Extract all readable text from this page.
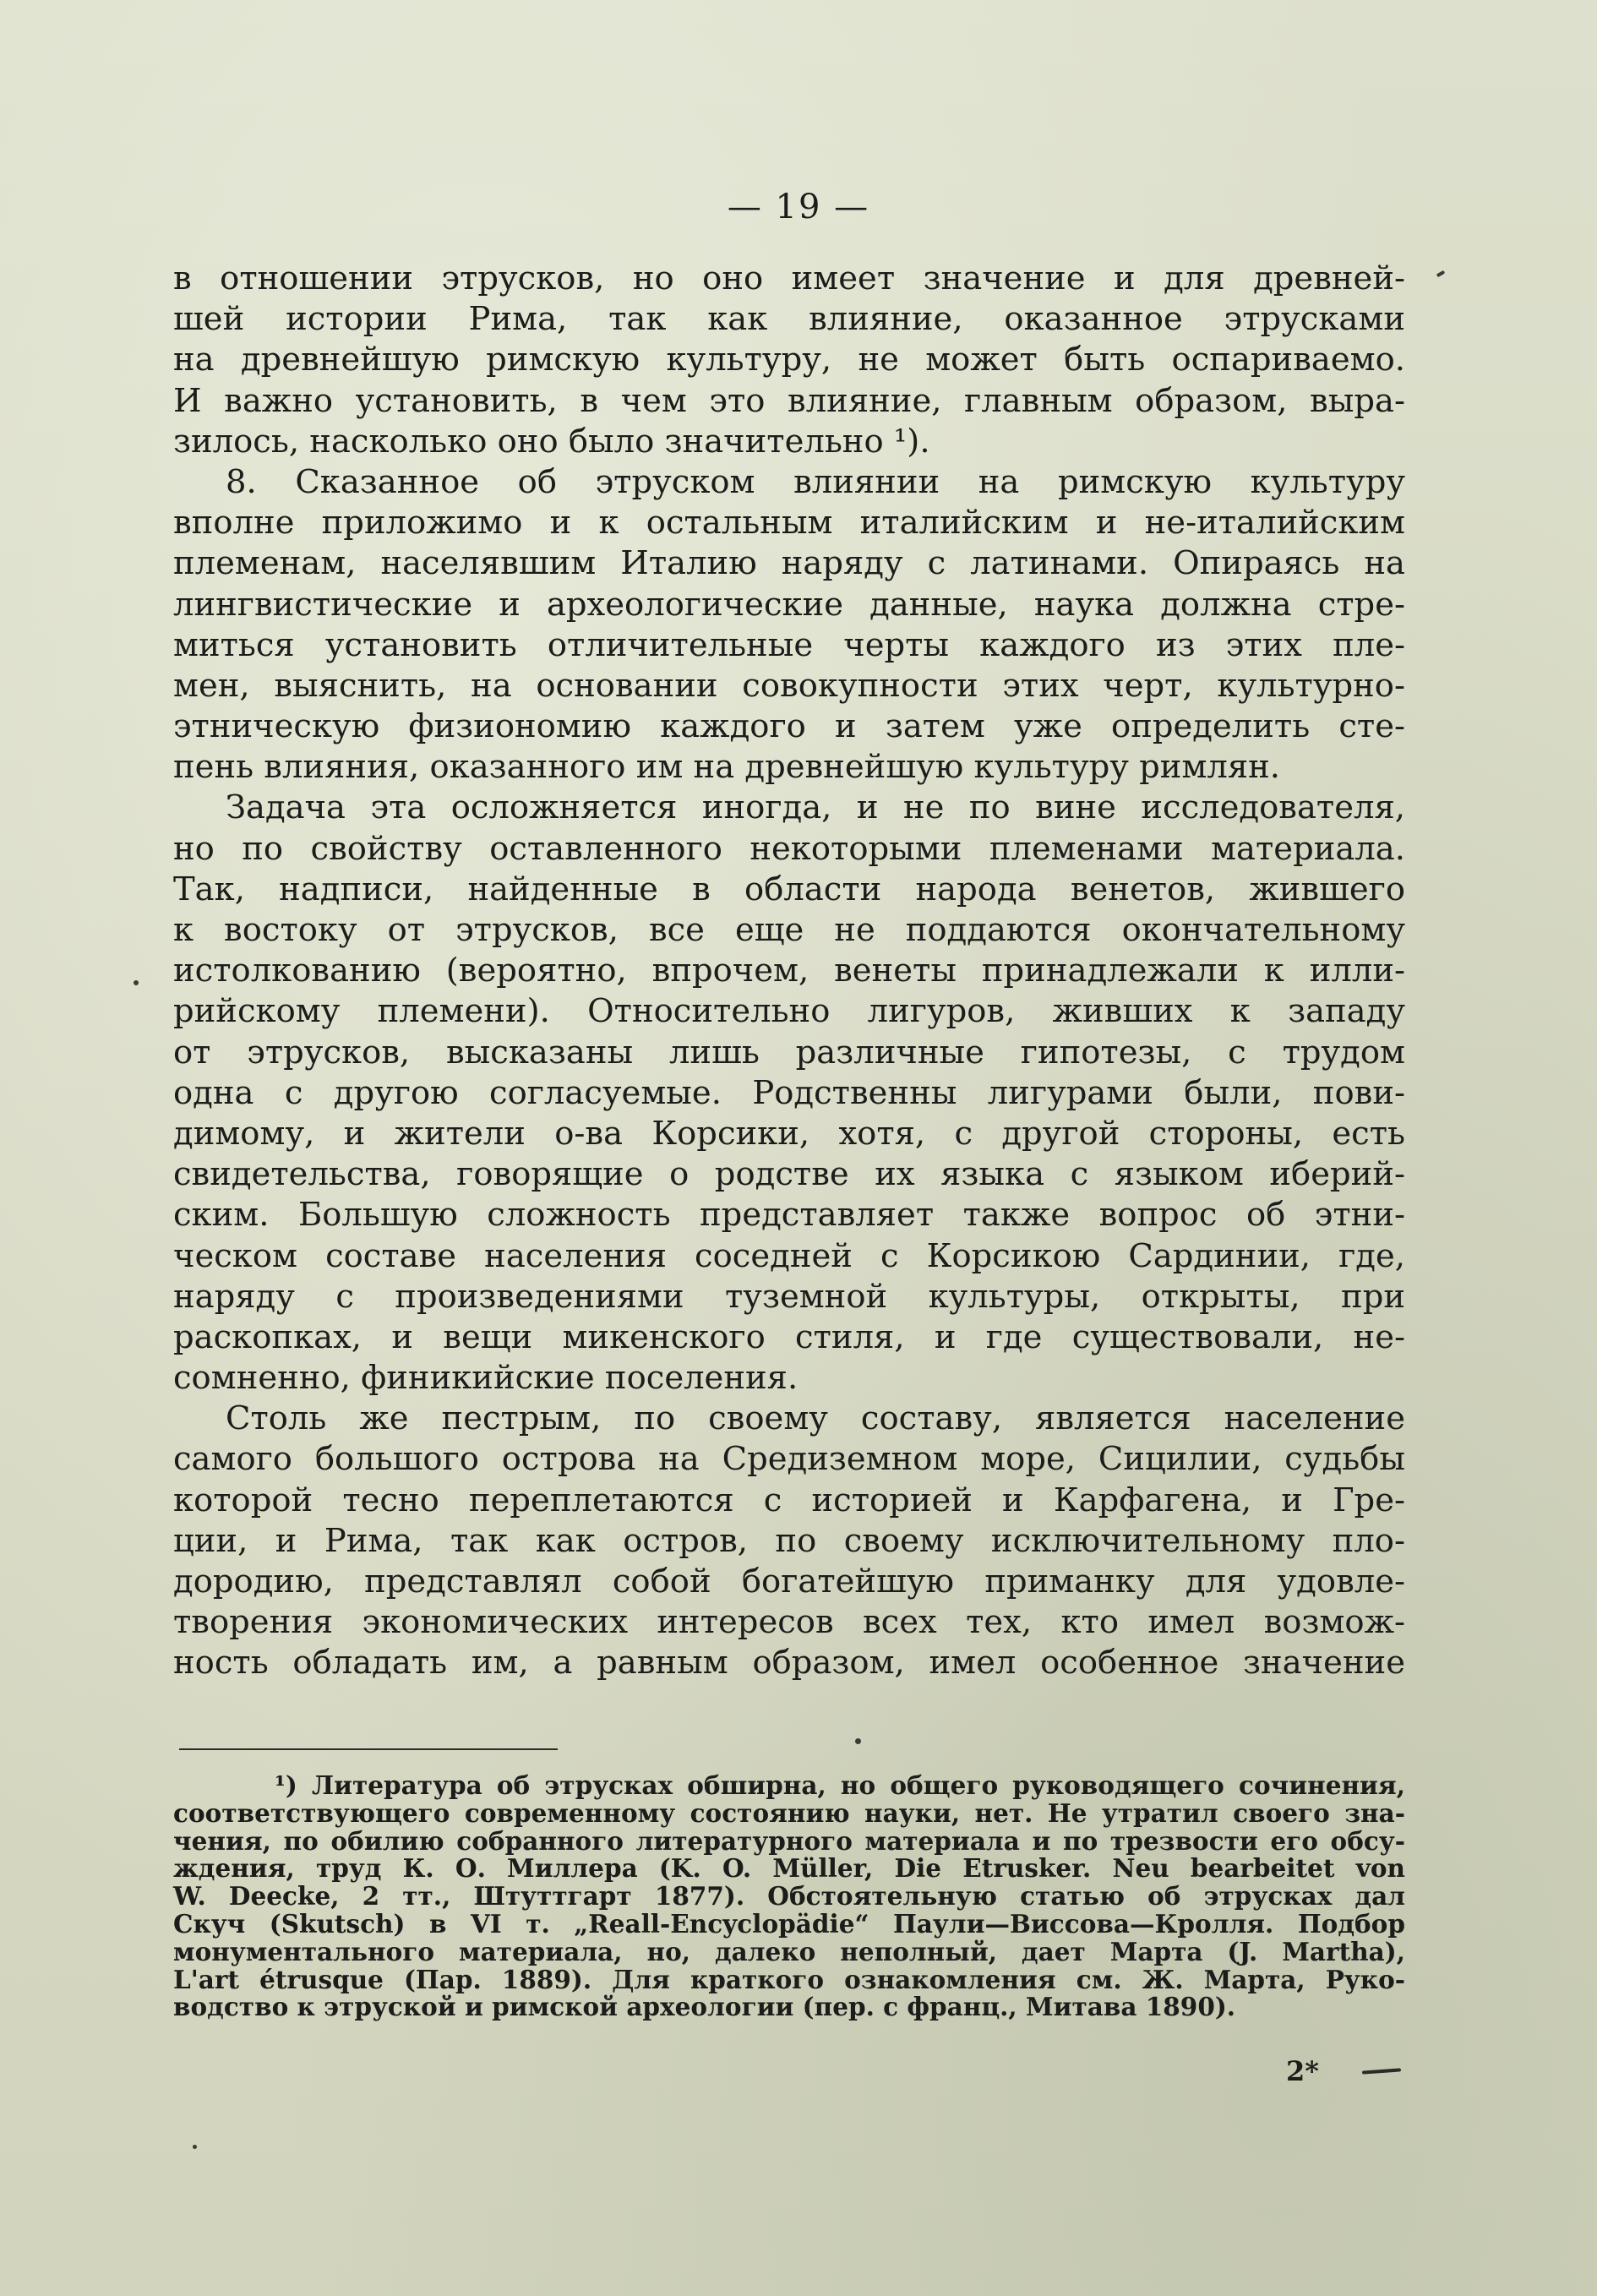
— 19 —
в отношении этрусков, но оно имеет значение и для древней-
шей истории Рима, так как влияние, оказанное этрусками
на древнейшую римскую культуру, не может быть оспариваемо.
И важно установить, в чем это влияние, главным образом, выра-
зилось, насколько оно было значительно ¹).
8. Сказанное об этруском влиянии на римскую культуру
вполне приложимо и к остальным италийским и не-италийским
племенам, населявшим Италию наряду с латинами. Опираясь на
лингвистические и археологические данные, наука должна стре-
миться установить отличительные черты каждого из этих пле-
мен, выяснить, на основании совокупности этих черт, культурно-
этническую физиономию каждого и затем уже определить сте-
пень влияния, оказанного им на древнейшую культуру римлян.
Задача эта осложняется иногда, и не по вине исследователя,
но по свойству оставленного некоторыми племенами материала.
Так, надписи, найденные в области народа венетов, жившего
к востоку от этрусков, все еще не поддаются окончательному
истолкованию (вероятно, впрочем, венеты принадлежали к илли-
рийскому племени). Относительно лигуров, живших к западу
от этрусков, высказаны лишь различные гипотезы, с трудом
одна с другою согласуемые. Родственны лигурами были, пови-
димому, и жители о-ва Корсики, хотя, с другой стороны, есть
свидетельства, говорящие о родстве их языка с языком иберий-
ским. Большую сложность представляет также вопрос об этни-
ческом составе населения соседней с Корсикою Сардинии, где,
наряду с произведениями туземной культуры, открыты, при
раскопках, и вещи микенского стиля, и где существовали, не-
сомненно, финикийские поселения.
Столь же пестрым, по своему составу, является население
самого большого острова на Средиземном море, Сицилии, судьбы
которой тесно переплетаются с историей и Карфагена, и Гре-
ции, и Рима, так как остров, по своему исключительному пло-
дородию, представлял собой богатейшую приманку для удовле-
творения экономических интересов всех тех, кто имел возмож-
ность обладать им, а равным образом, имел особенное значение
¹) Литература об этрусках обширна, но общего руководящего сочинения,
соответствующего современному состоянию науки, нет. Не утратил своего зна-
чения, по обилию собранного литературного материала и по трезвости его обсу-
ждения, труд К. О. Миллера (K. O. Müller, Die Etrusker. Neu bearbeitet von
W. Deecke, 2 тт., Штуттгарт 1877). Обстоятельную статью об этрусках дал
Скуч (Skutsch) в VI т. „Reall-Encyclopädie“ Паули—Виссова—Кролля. Подбор
монументального материала, но, далеко неполный, дает Марта (J. Martha),
L'art étrusque (Пар. 1889). Для краткого ознакомления см. Ж. Марта, Руко-
водство к этруской и римской археологии (пер. с франц., Митава 1890).
2*
